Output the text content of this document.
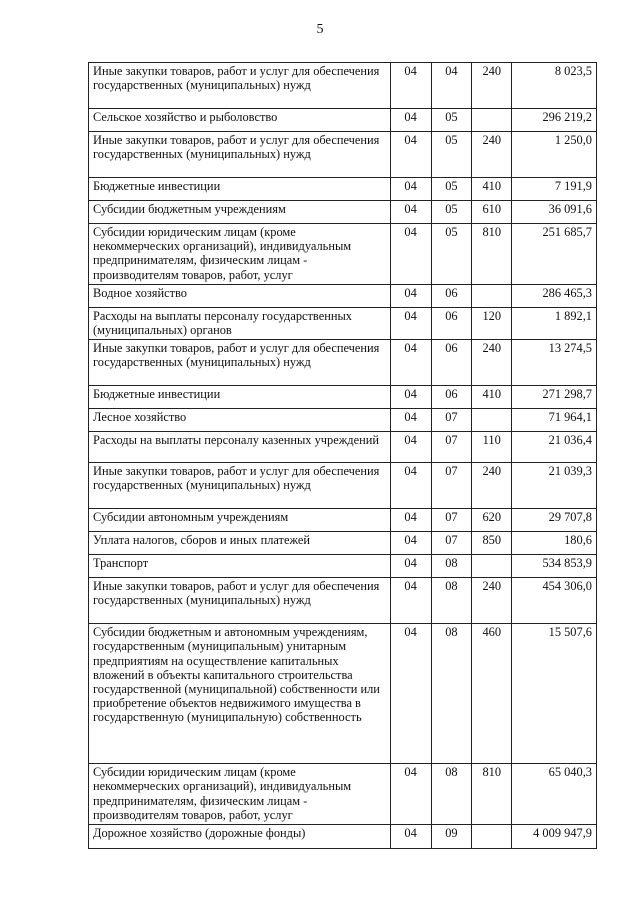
5
Иные закупки товаров, работ и услуг для обеспечения государственных (муниципальных) нужд	04	04	240	8 023,5
Сельское хозяйство и рыболовство	04	05		296 219,2
Иные закупки товаров, работ и услуг для обеспечения государственных (муниципальных) нужд	04	05	240	1 250,0
Бюджетные инвестиции	04	05	410	7 191,9
Субсидии бюджетным учреждениям	04	05	610	36 091,6
Субсидии юридическим лицам (кроме некоммерческих организаций), индивидуальным предпринимателям, физическим лицам - производителям товаров, работ, услуг	04	05	810	251 685,7
Водное хозяйство	04	06		286 465,3
Расходы на выплаты персоналу государственных (муниципальных) органов	04	06	120	1 892,1
Иные закупки товаров, работ и услуг для обеспечения государственных (муниципальных) нужд	04	06	240	13 274,5
Бюджетные инвестиции	04	06	410	271 298,7
Лесное хозяйство	04	07		71 964,1
Расходы на выплаты персоналу казенных учреждений	04	07	110	21 036,4
Иные закупки товаров, работ и услуг для обеспечения государственных (муниципальных) нужд	04	07	240	21 039,3
Субсидии автономным учреждениям	04	07	620	29 707,8
Уплата налогов, сборов и иных платежей	04	07	850	180,6
Транспорт	04	08		534 853,9
Иные закупки товаров, работ и услуг для обеспечения государственных (муниципальных) нужд	04	08	240	454 306,0
Субсидии бюджетным и автономным учреждениям, государственным (муниципальным) унитарным предприятиям на осуществление капитальных вложений в объекты капитального строительства государственной (муниципальной) собственности или приобретение объектов недвижимого имущества в государственную (муниципальную) собственность	04	08	460	15 507,6
Субсидии юридическим лицам (кроме некоммерческих организаций), индивидуальным предпринимателям, физическим лицам - производителям товаров, работ, услуг	04	08	810	65 040,3
Дорожное хозяйство (дорожные фонды)	04	09		4 009 947,9
